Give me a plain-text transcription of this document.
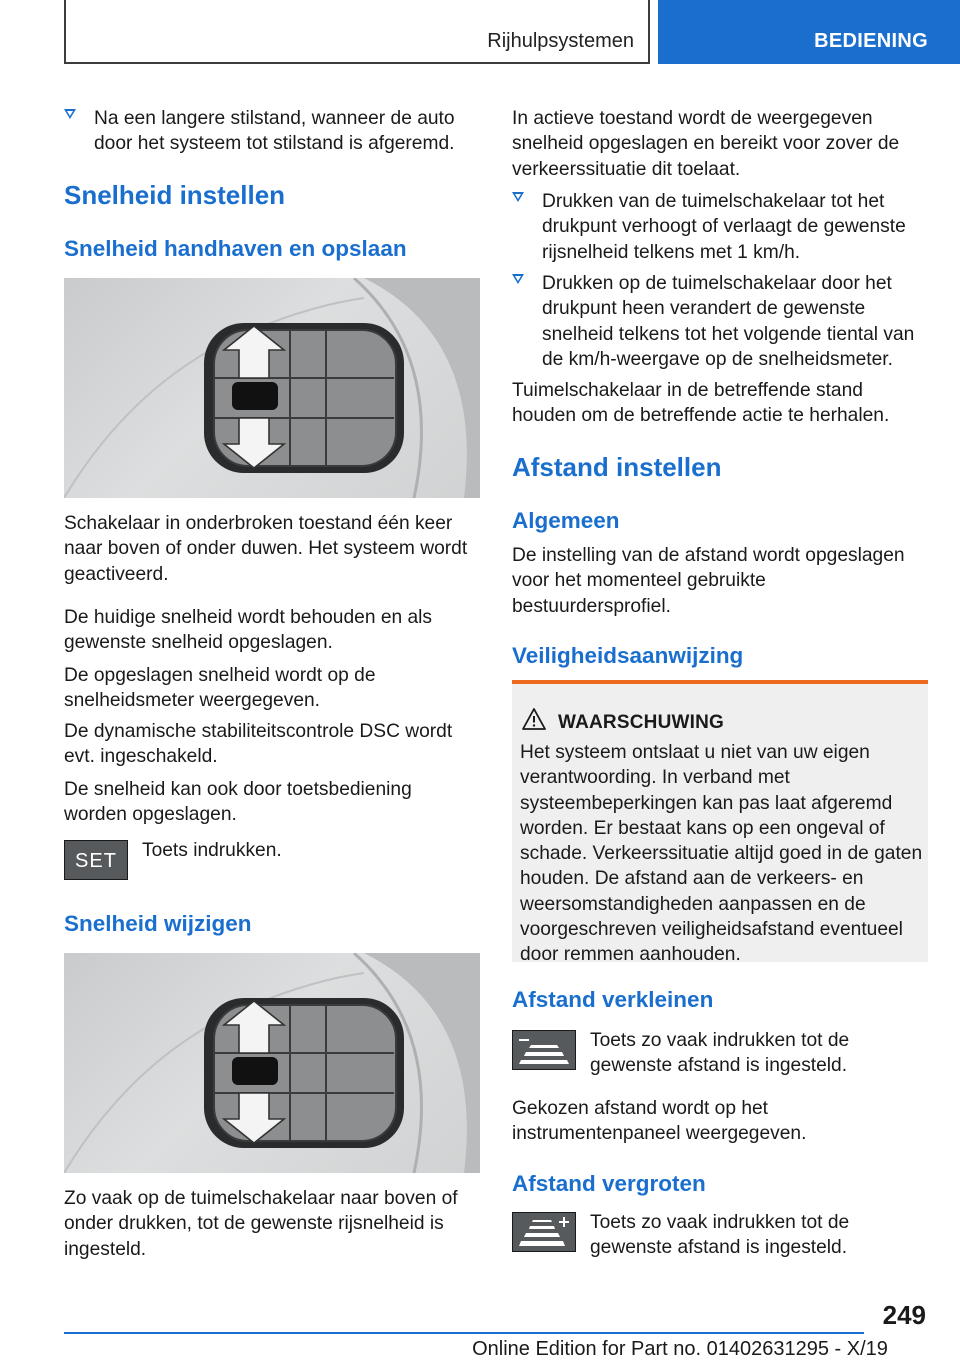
Rijhulpsystemen	BEDIENING

Na een langere stilstand, wanneer de auto door het systeem tot stilstand is afgeremd.

Snelheid instellen
Snelheid handhaven en opslaan

Schakelaar in onderbroken toestand één keer naar boven of onder duwen. Het systeem wordt geactiveerd.

De huidige snelheid wordt behouden en als gewenste snelheid opgeslagen.

De opgeslagen snelheid wordt op de snelheidsmeter weergegeven.

De dynamische stabiliteitscontrole DSC wordt evt. ingeschakeld.

De snelheid kan ook door toetsbediening worden opgeslagen.

SET	Toets indrukken.

Snelheid wijzigen

Zo vaak op de tuimelschakelaar naar boven of onder drukken, tot de gewenste rijsnelheid is ingesteld.

In actieve toestand wordt de weergegeven snelheid opgeslagen en bereikt voor zover de verkeerssituatie dit toelaat.

Drukken van de tuimelschakelaar tot het drukpunt verhoogt of verlaagt de gewenste rijsnelheid telkens met 1 km/h.

Drukken op de tuimelschakelaar door het drukpunt heen verandert de gewenste snelheid telkens tot het volgende tiental van de km/h-weergave op de snelheidsmeter.

Tuimelschakelaar in de betreffende stand houden om de betreffende actie te herhalen.

Afstand instellen
Algemeen

De instelling van de afstand wordt opgeslagen voor het momenteel gebruikte bestuurdersprofiel.

Veiligheidsaanwijzing
WAARSCHUWING

Het systeem ontslaat u niet van uw eigen verantwoording. In verband met systeembeperkingen kan pas laat afgeremd worden. Er bestaat kans op een ongeval of schade. Verkeerssituatie altijd goed in de gaten houden. De afstand aan de verkeers- en weersomstandigheden aanpassen en de voorgeschreven veiligheidsafstand eventueel door remmen aanhouden.

Afstand verkleinen

Toets zo vaak indrukken tot de gewenste afstand is ingesteld.

Gekozen afstand wordt op het instrumentenpaneel weergegeven.

Afstand vergroten

Toets zo vaak indrukken tot de gewenste afstand is ingesteld.

249
Online Edition for Part no. 01402631295 - X/19
